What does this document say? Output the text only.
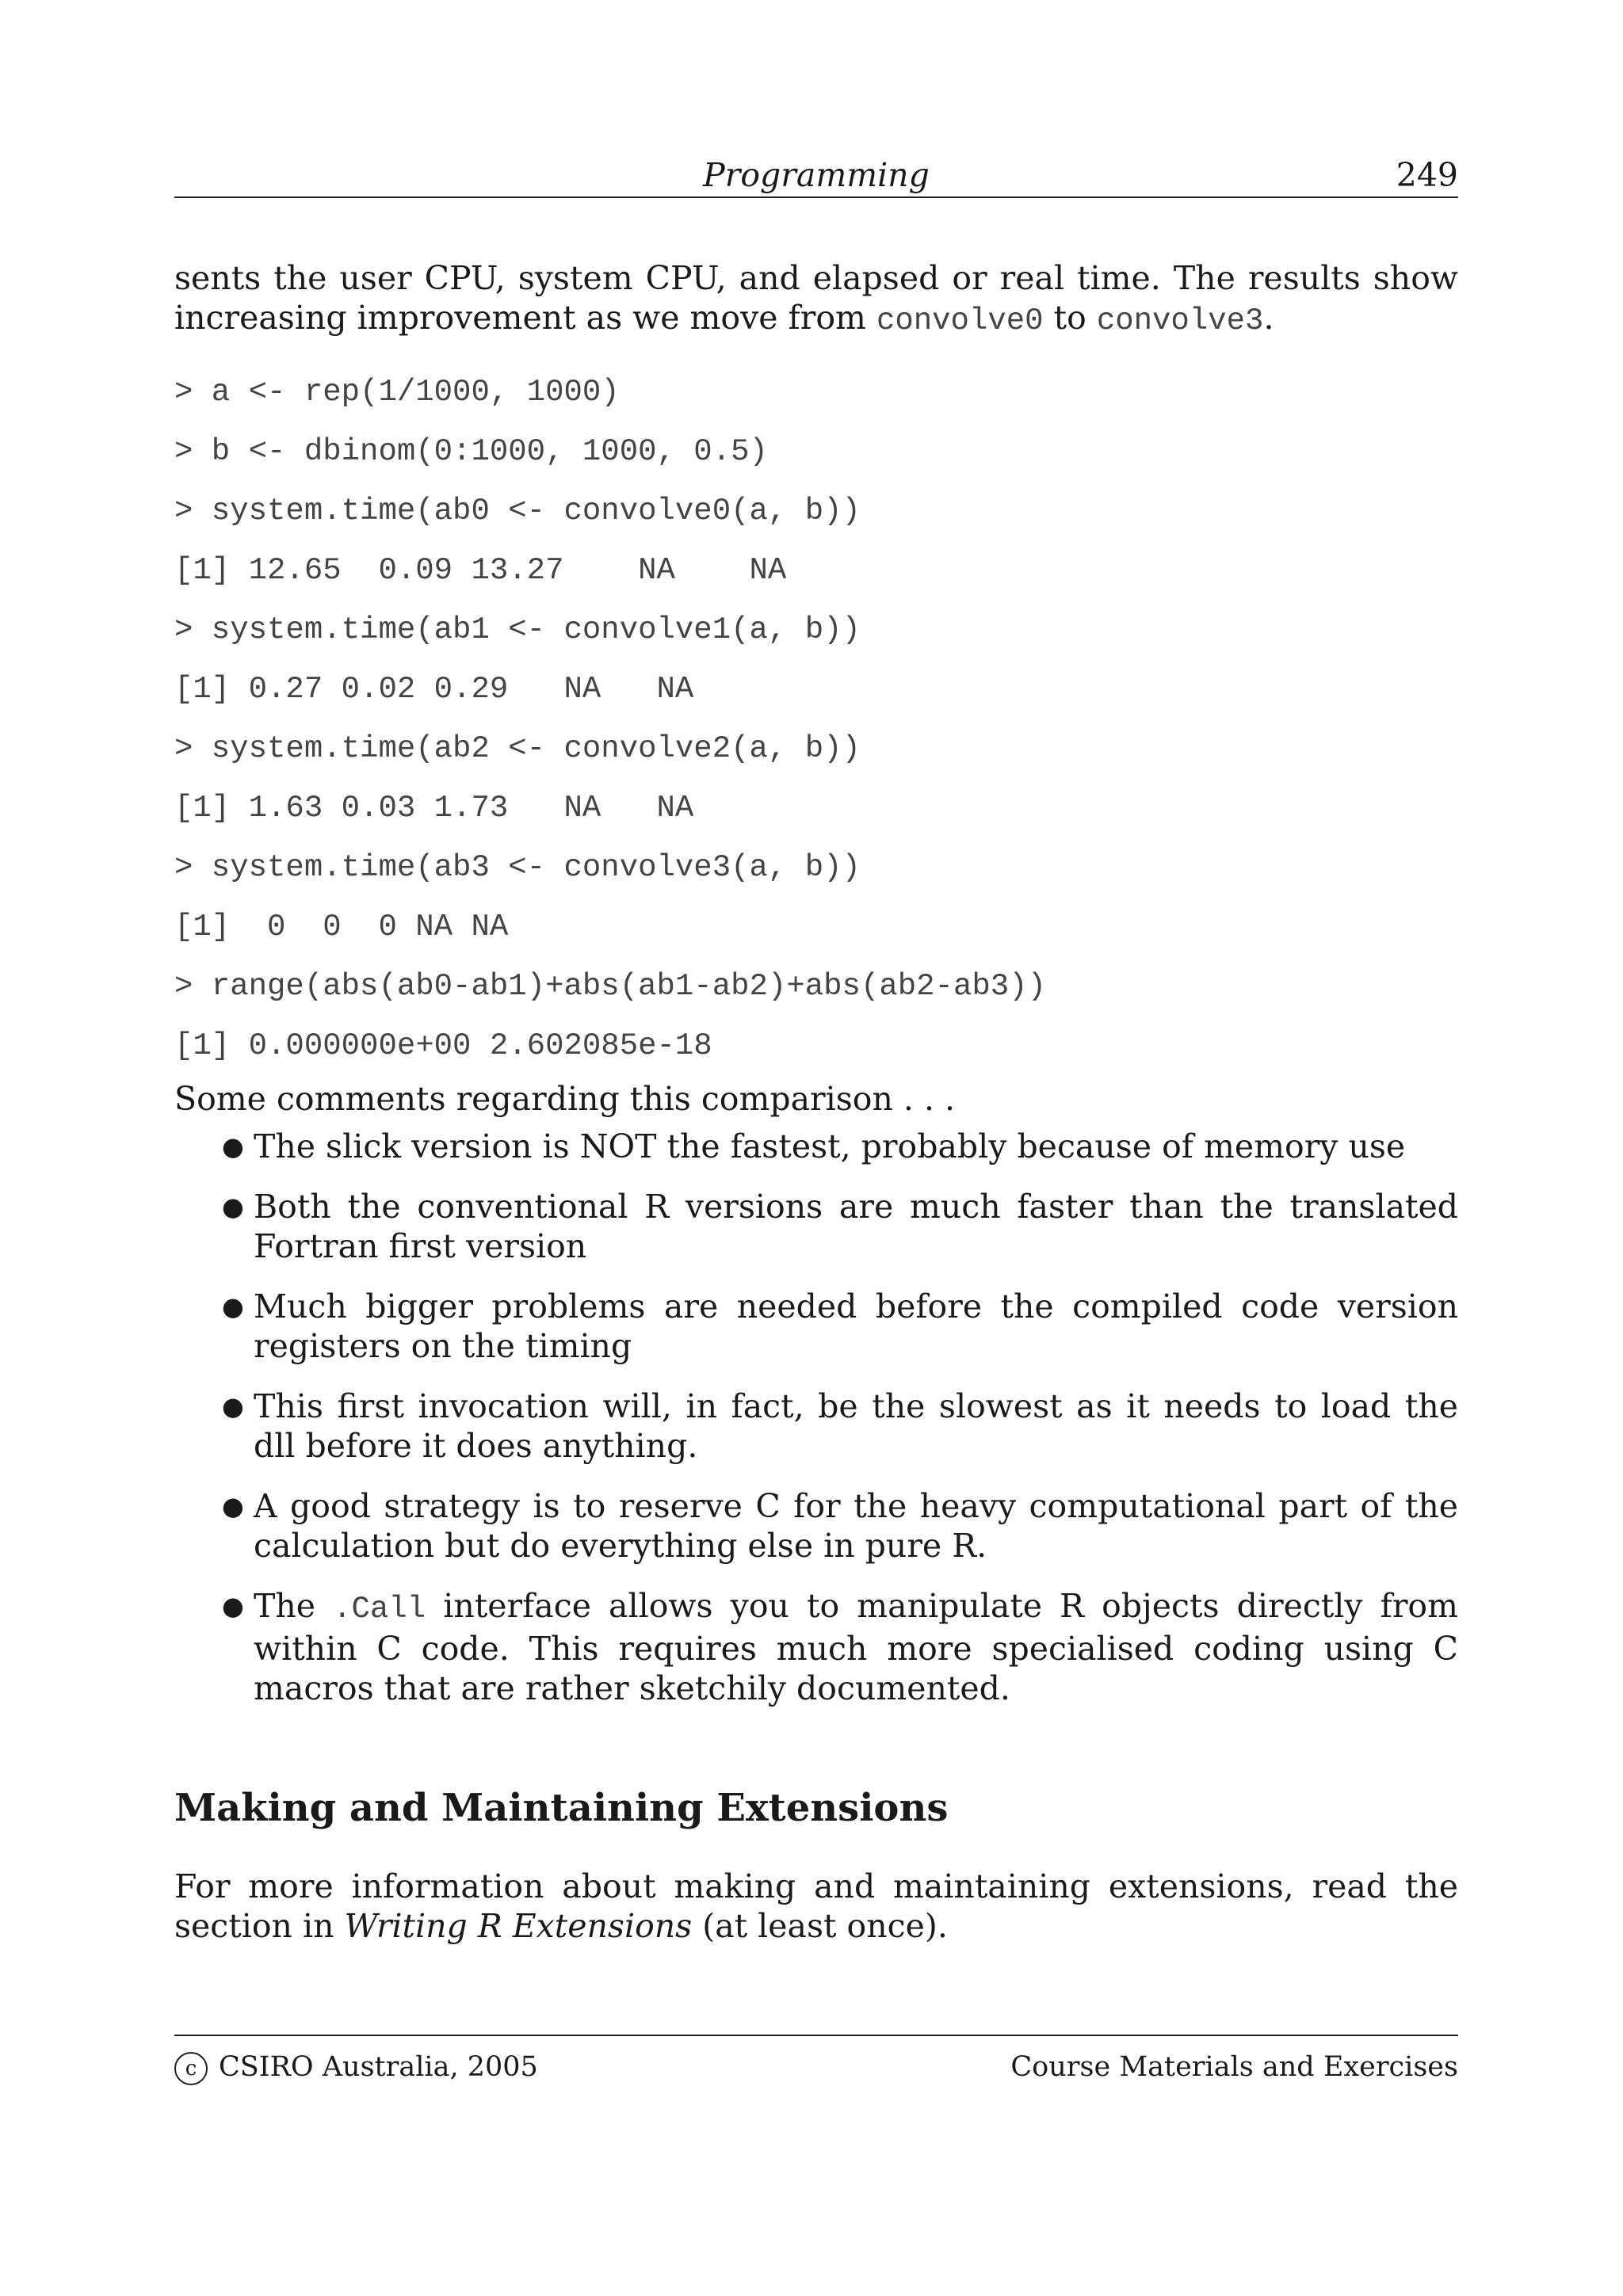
Programming	249

sents the user CPU, system CPU, and elapsed or real time. The results show increasing improvement as we move from convolve0 to convolve3.

> a <- rep(1/1000, 1000)
> b <- dbinom(0:1000, 1000, 0.5)
> system.time(ab0 <- convolve0(a, b))
[1] 12.65  0.09 13.27    NA    NA
> system.time(ab1 <- convolve1(a, b))
[1] 0.27 0.02 0.29   NA   NA
> system.time(ab2 <- convolve2(a, b))
[1] 1.63 0.03 1.73   NA   NA
> system.time(ab3 <- convolve3(a, b))
[1]  0  0  0 NA NA
> range(abs(ab0-ab1)+abs(ab1-ab2)+abs(ab2-ab3))
[1] 0.000000e+00 2.602085e-18

Some comments regarding this comparison . . .

● The slick version is NOT the fastest, probably because of memory use
● Both the conventional R versions are much faster than the translated Fortran first version
● Much bigger problems are needed before the compiled code version registers on the timing
● This first invocation will, in fact, be the slowest as it needs to load the dll before it does anything.
● A good strategy is to reserve C for the heavy computational part of the calculation but do everything else in pure R.
● The .Call interface allows you to manipulate R objects directly from within C code. This requires much more specialised coding using C macros that are rather sketchily documented.
Making and Maintaining Extensions

For more information about making and maintaining extensions, read the section in Writing R Extensions (at least once).

c CSIRO Australia, 2005	Course Materials and Exercises
